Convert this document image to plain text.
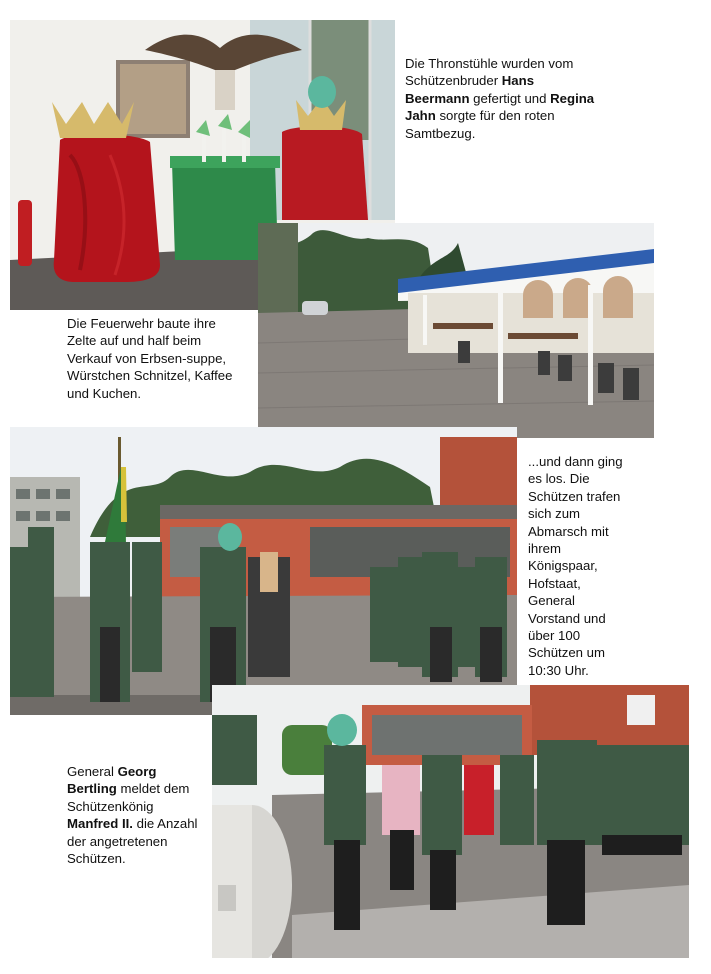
Die Thronstühle wurden vom Schützenbruder Hans Beermann gefertigt und Regina Jahn sorgte für den roten Samtbezug.
Die Feuerwehr baute ihre Zelte auf und half beim Verkauf von Erbsen-suppe, Würstchen Schnitzel, Kaffee und Kuchen.
...und dann ging es los. Die Schützen trafen sich zum Abmarsch mit ihrem Königspaar, Hofstaat, General Vorstand und über 100 Schützen um 10:30 Uhr.
General Georg Bertling meldet dem Schützenkönig Manfred II. die Anzahl der angetretenen Schützen.
